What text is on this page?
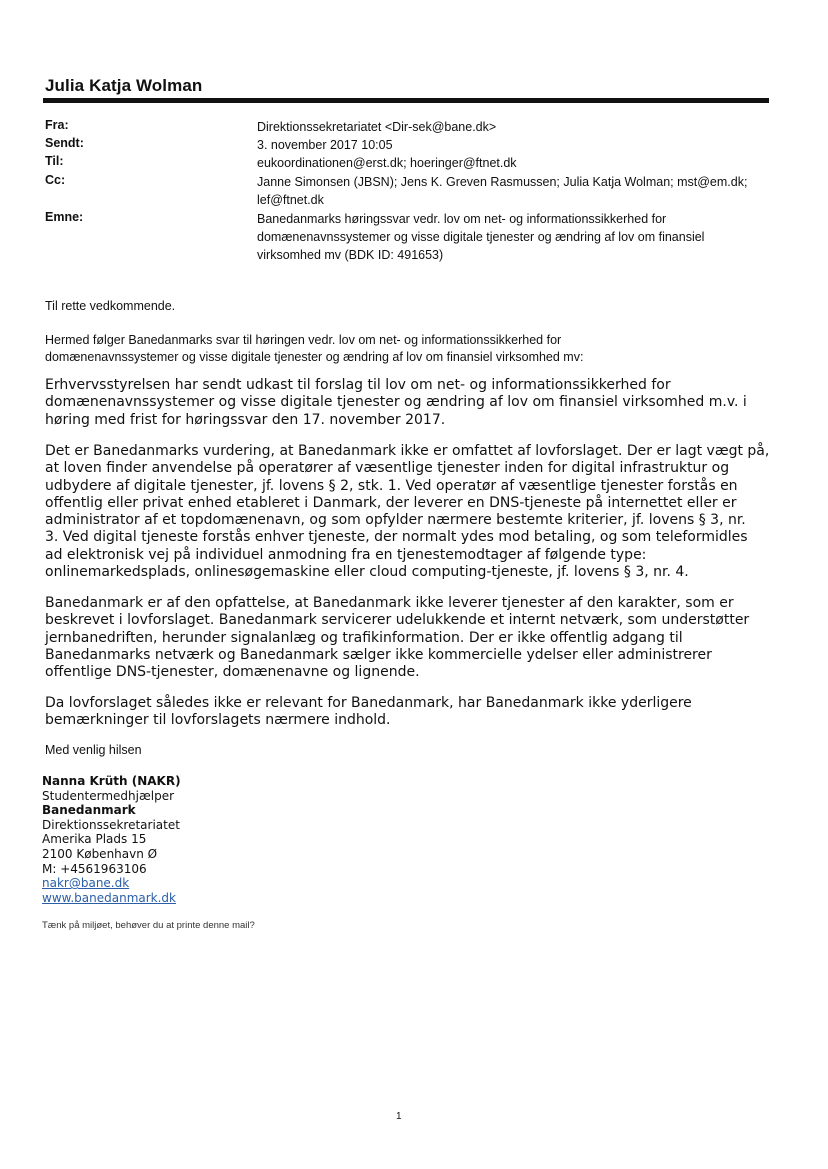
Julia Katja Wolman
Fra:	Direktionssekretariatet <Dir-sek@bane.dk>
Sendt:	3. november 2017 10:05
Til:	eukoordinationen@erst.dk; hoeringer@ftnet.dk
Cc:	Janne Simonsen (JBSN); Jens K. Greven Rasmussen; Julia Katja Wolman; mst@em.dk;
lef@ftnet.dk
Emne:	Banedanmarks høringssvar vedr. lov om net- og informationssikkerhed for
domænenavnssystemer og visse digitale tjenester og ændring af lov om finansiel
virksomhed mv (BDK ID: 491653)
Til rette vedkommende.
Hermed følger Banedanmarks svar til høringen vedr. lov om net- og informationssikkerhed for
domænenavnssystemer og visse digitale tjenester og ændring af lov om finansiel virksomhed mv:
Erhvervsstyrelsen har sendt udkast til forslag til lov om net- og informationssikkerhed for
domænenavnssystemer og visse digitale tjenester og ændring af lov om finansiel virksomhed m.v. i
høring med frist for høringssvar den 17. november 2017.
Det er Banedanmarks vurdering, at Banedanmark ikke er omfattet af lovforslaget. Der er lagt vægt på,
at loven finder anvendelse på operatører af væsentlige tjenester inden for digital infrastruktur og
udbydere af digitale tjenester, jf. lovens § 2, stk. 1. Ved operatør af væsentlige tjenester forstås en
offentlig eller privat enhed etableret i Danmark, der leverer en DNS-tjeneste på internettet eller er
administrator af et topdomænenavn, og som opfylder nærmere bestemte kriterier, jf. lovens § 3, nr.
3. Ved digital tjeneste forstås enhver tjeneste, der normalt ydes mod betaling, og som teleformidles
ad elektronisk vej på individuel anmodning fra en tjenestemodtager af følgende type:
onlinemarkedsplads, onlinesøgemaskine eller cloud computing-tjeneste, jf. lovens § 3, nr. 4.
Banedanmark er af den opfattelse, at Banedanmark ikke leverer tjenester af den karakter, som er
beskrevet i lovforslaget. Banedanmark servicerer udelukkende et internt netværk, som understøtter
jernbanedriften, herunder signalanlæg og trafikinformation. Der er ikke offentlig adgang til
Banedanmarks netværk og Banedanmark sælger ikke kommercielle ydelser eller administrerer
offentlige DNS-tjenester, domænenavne og lignende.
Da lovforslaget således ikke er relevant for Banedanmark, har Banedanmark ikke yderligere
bemærkninger til lovforslagets nærmere indhold.
Med venlig hilsen
Nanna Krüth (NAKR)
Studentermedhjælper
Banedanmark
Direktionssekretariatet
Amerika Plads 15
2100 København Ø
M: +4561963106
nakr@bane.dk
www.banedanmark.dk
Tænk på miljøet, behøver du at printe denne mail?
1
